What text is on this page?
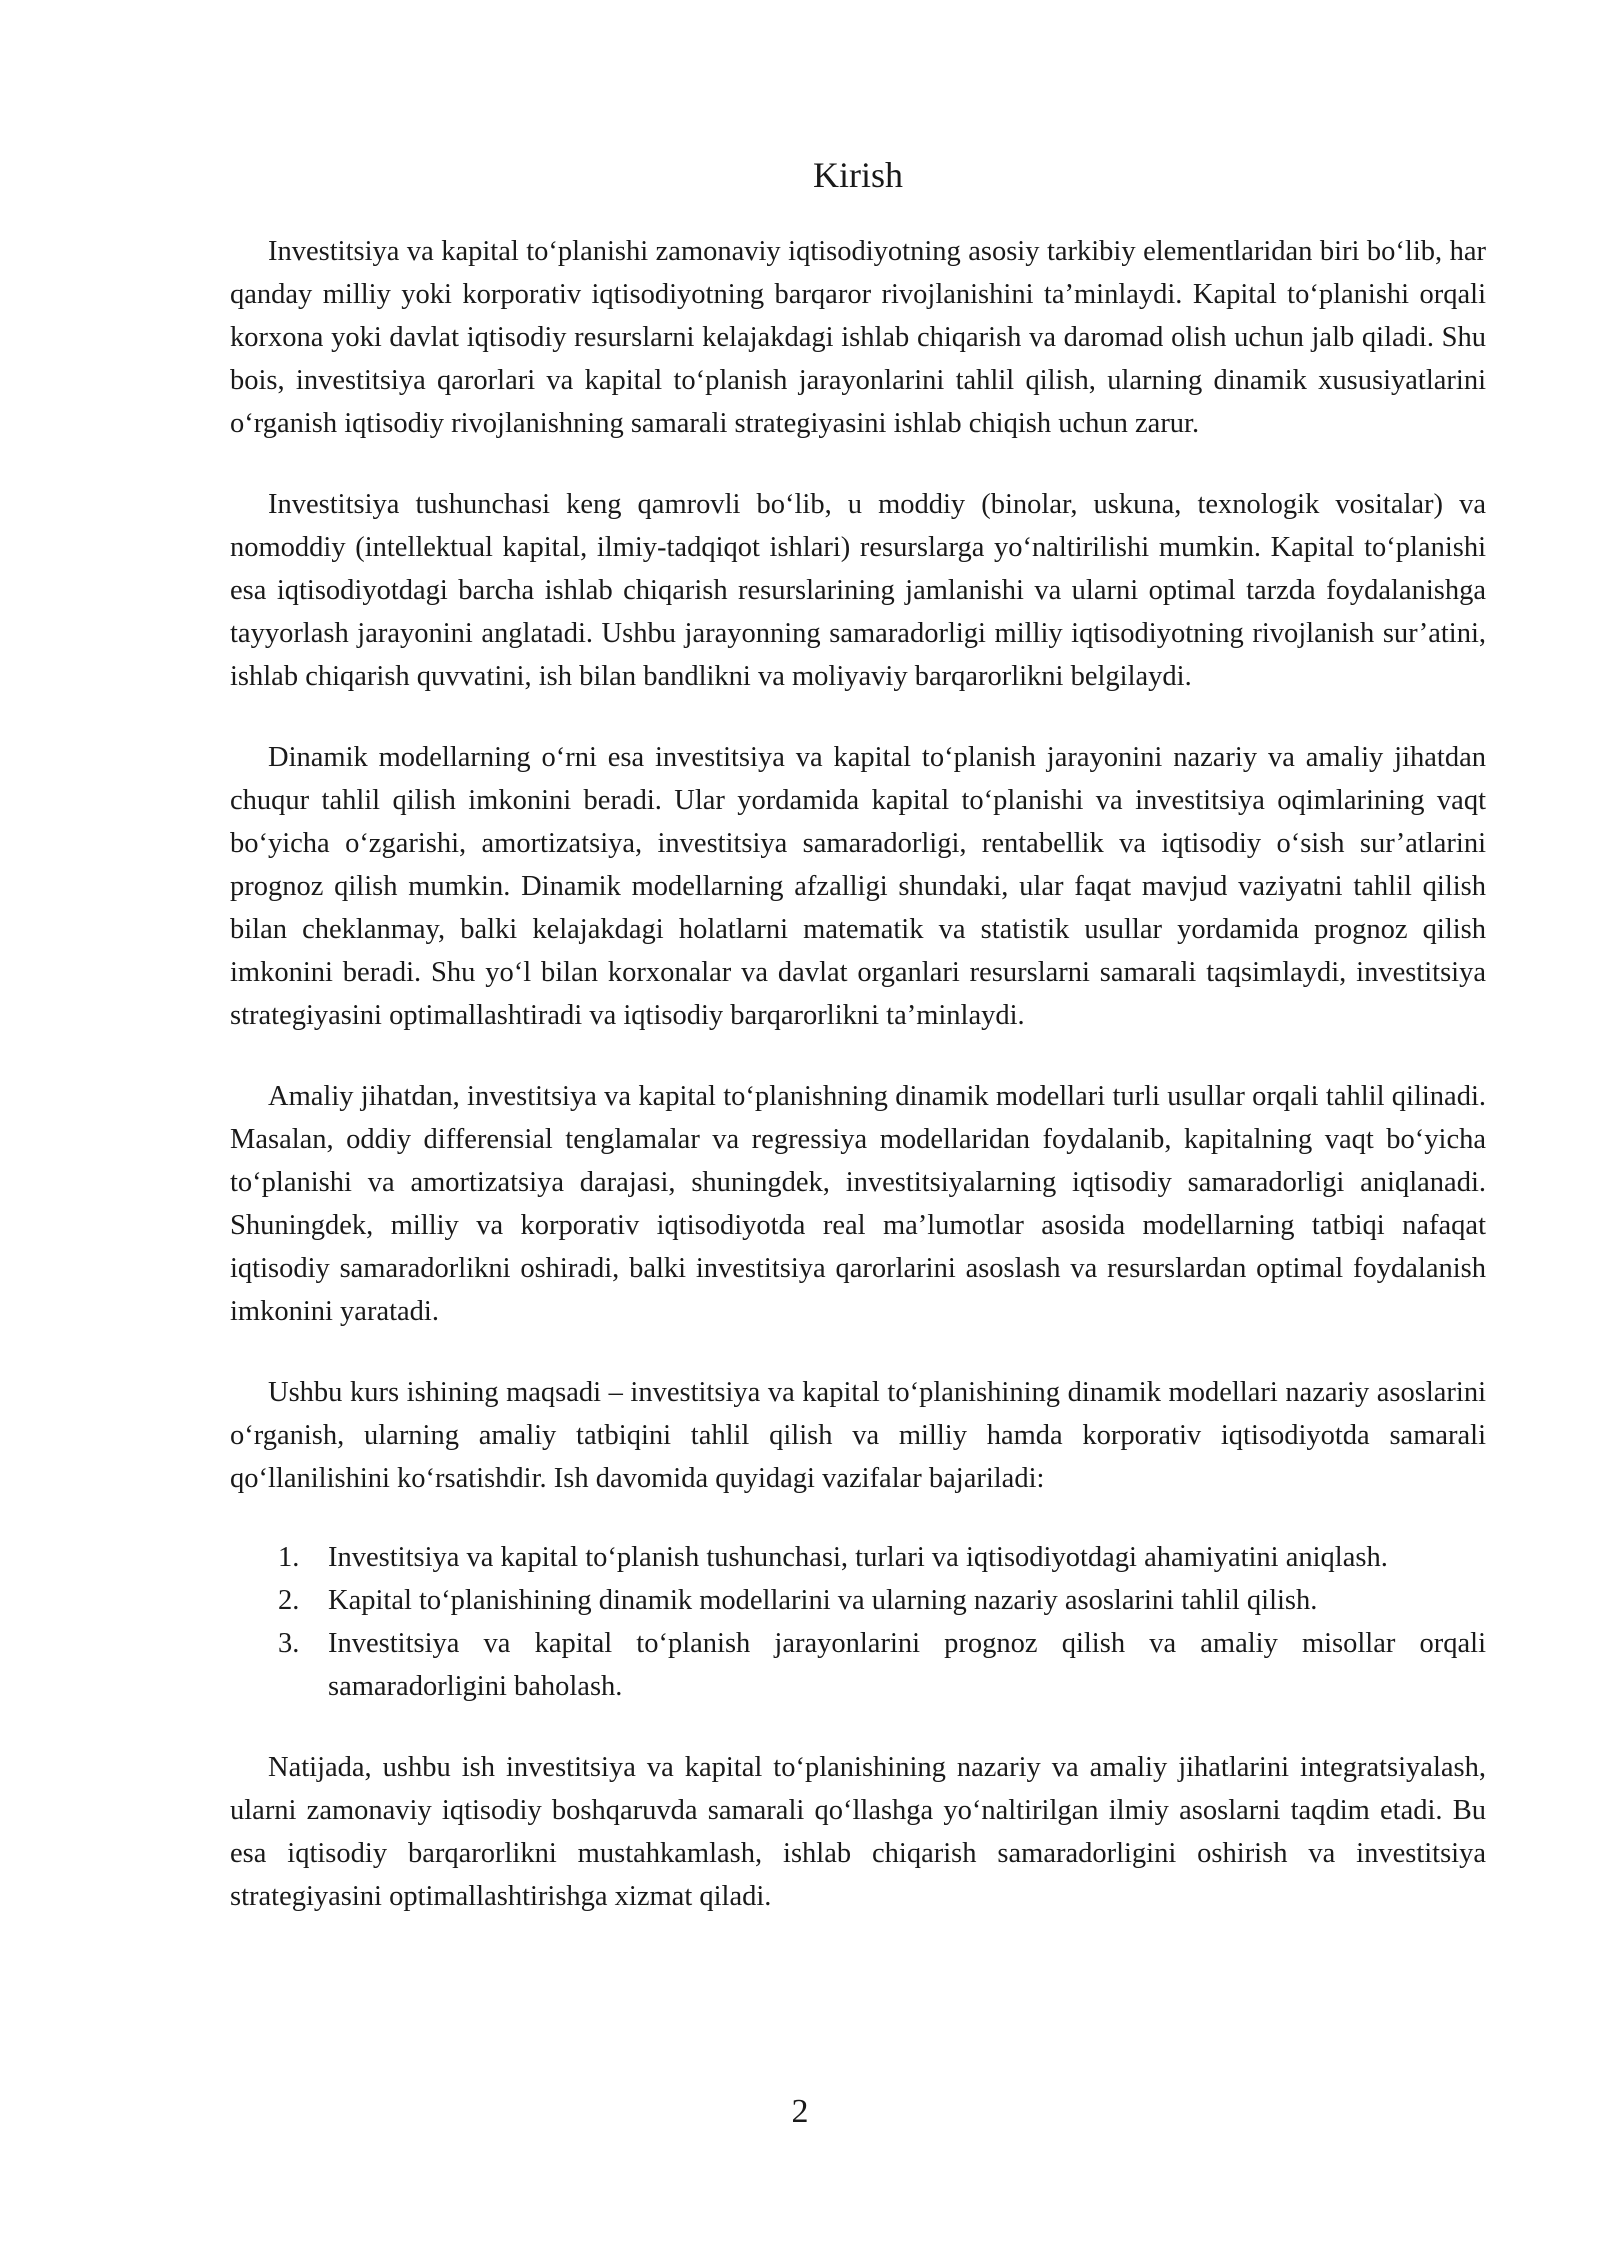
Kirish

Investitsiya va kapital to‘planishi zamonaviy iqtisodiyotning asosiy tarkibiy elementlaridan biri bo‘lib, har qanday milliy yoki korporativ iqtisodiyotning barqaror rivojlanishini ta’minlaydi. Kapital to‘planishi orqali korxona yoki davlat iqtisodiy resurslarni kelajakdagi ishlab chiqarish va daromad olish uchun jalb qiladi. Shu bois, investitsiya qarorlari va kapital to‘planish jarayonlarini tahlil qilish, ularning dinamik xususiyatlarini o‘rganish iqtisodiy rivojlanishning samarali strategiyasini ishlab chiqish uchun zarur.

Investitsiya tushunchasi keng qamrovli bo‘lib, u moddiy (binolar, uskuna, texnologik vositalar) va nomoddiy (intellektual kapital, ilmiy-tadqiqot ishlari) resurslarga yo‘naltirilishi mumkin. Kapital to‘planishi esa iqtisodiyotdagi barcha ishlab chiqarish resurslarining jamlanishi va ularni optimal tarzda foydalanishga tayyorlash jarayonini anglatadi. Ushbu jarayonning samaradorligi milliy iqtisodiyotning rivojlanish sur’atini, ishlab chiqarish quvvatini, ish bilan bandlikni va moliyaviy barqarorlikni belgilaydi.

Dinamik modellarning o‘rni esa investitsiya va kapital to‘planish jarayonini nazariy va amaliy jihatdan chuqur tahlil qilish imkonini beradi. Ular yordamida kapital to‘planishi va investitsiya oqimlarining vaqt bo‘yicha o‘zgarishi, amortizatsiya, investitsiya samaradorligi, rentabellik va iqtisodiy o‘sish sur’atlarini prognoz qilish mumkin. Dinamik modellarning afzalligi shundaki, ular faqat mavjud vaziyatni tahlil qilish bilan cheklanmay, balki kelajakdagi holatlarni matematik va statistik usullar yordamida prognoz qilish imkonini beradi. Shu yo‘l bilan korxonalar va davlat organlari resurslarni samarali taqsimlaydi, investitsiya strategiyasini optimallashtiradi va iqtisodiy barqarorlikni ta’minlaydi.

Amaliy jihatdan, investitsiya va kapital to‘planishning dinamik modellari turli usullar orqali tahlil qilinadi. Masalan, oddiy differensial tenglamalar va regressiya modellaridan foydalanib, kapitalning vaqt bo‘yicha to‘planishi va amortizatsiya darajasi, shuningdek, investitsiyalarning iqtisodiy samaradorligi aniqlanadi. Shuningdek, milliy va korporativ iqtisodiyotda real ma’lumotlar asosida modellarning tatbiqi nafaqat iqtisodiy samaradorlikni oshiradi, balki investitsiya qarorlarini asoslash va resurslardan optimal foydalanish imkonini yaratadi.

Ushbu kurs ishining maqsadi – investitsiya va kapital to‘planishining dinamik modellari nazariy asoslarini o‘rganish, ularning amaliy tatbiqini tahlil qilish va milliy hamda korporativ iqtisodiyotda samarali qo‘llanilishini ko‘rsatishdir. Ish davomida quyidagi vazifalar bajariladi:

1. Investitsiya va kapital to‘planish tushunchasi, turlari va iqtisodiyotdagi ahamiyatini aniqlash.
2. Kapital to‘planishining dinamik modellarini va ularning nazariy asoslarini tahlil qilish.
3. Investitsiya va kapital to‘planish jarayonlarini prognoz qilish va amaliy misollar orqali samaradorligini baholash.

Natijada, ushbu ish investitsiya va kapital to‘planishining nazariy va amaliy jihatlarini integratsiyalash, ularni zamonaviy iqtisodiy boshqaruvda samarali qo‘llashga yo‘naltirilgan ilmiy asoslarni taqdim etadi. Bu esa iqtisodiy barqarorlikni mustahkamlash, ishlab chiqarish samaradorligini oshirish va investitsiya strategiyasini optimallashtirishga xizmat qiladi.

2
